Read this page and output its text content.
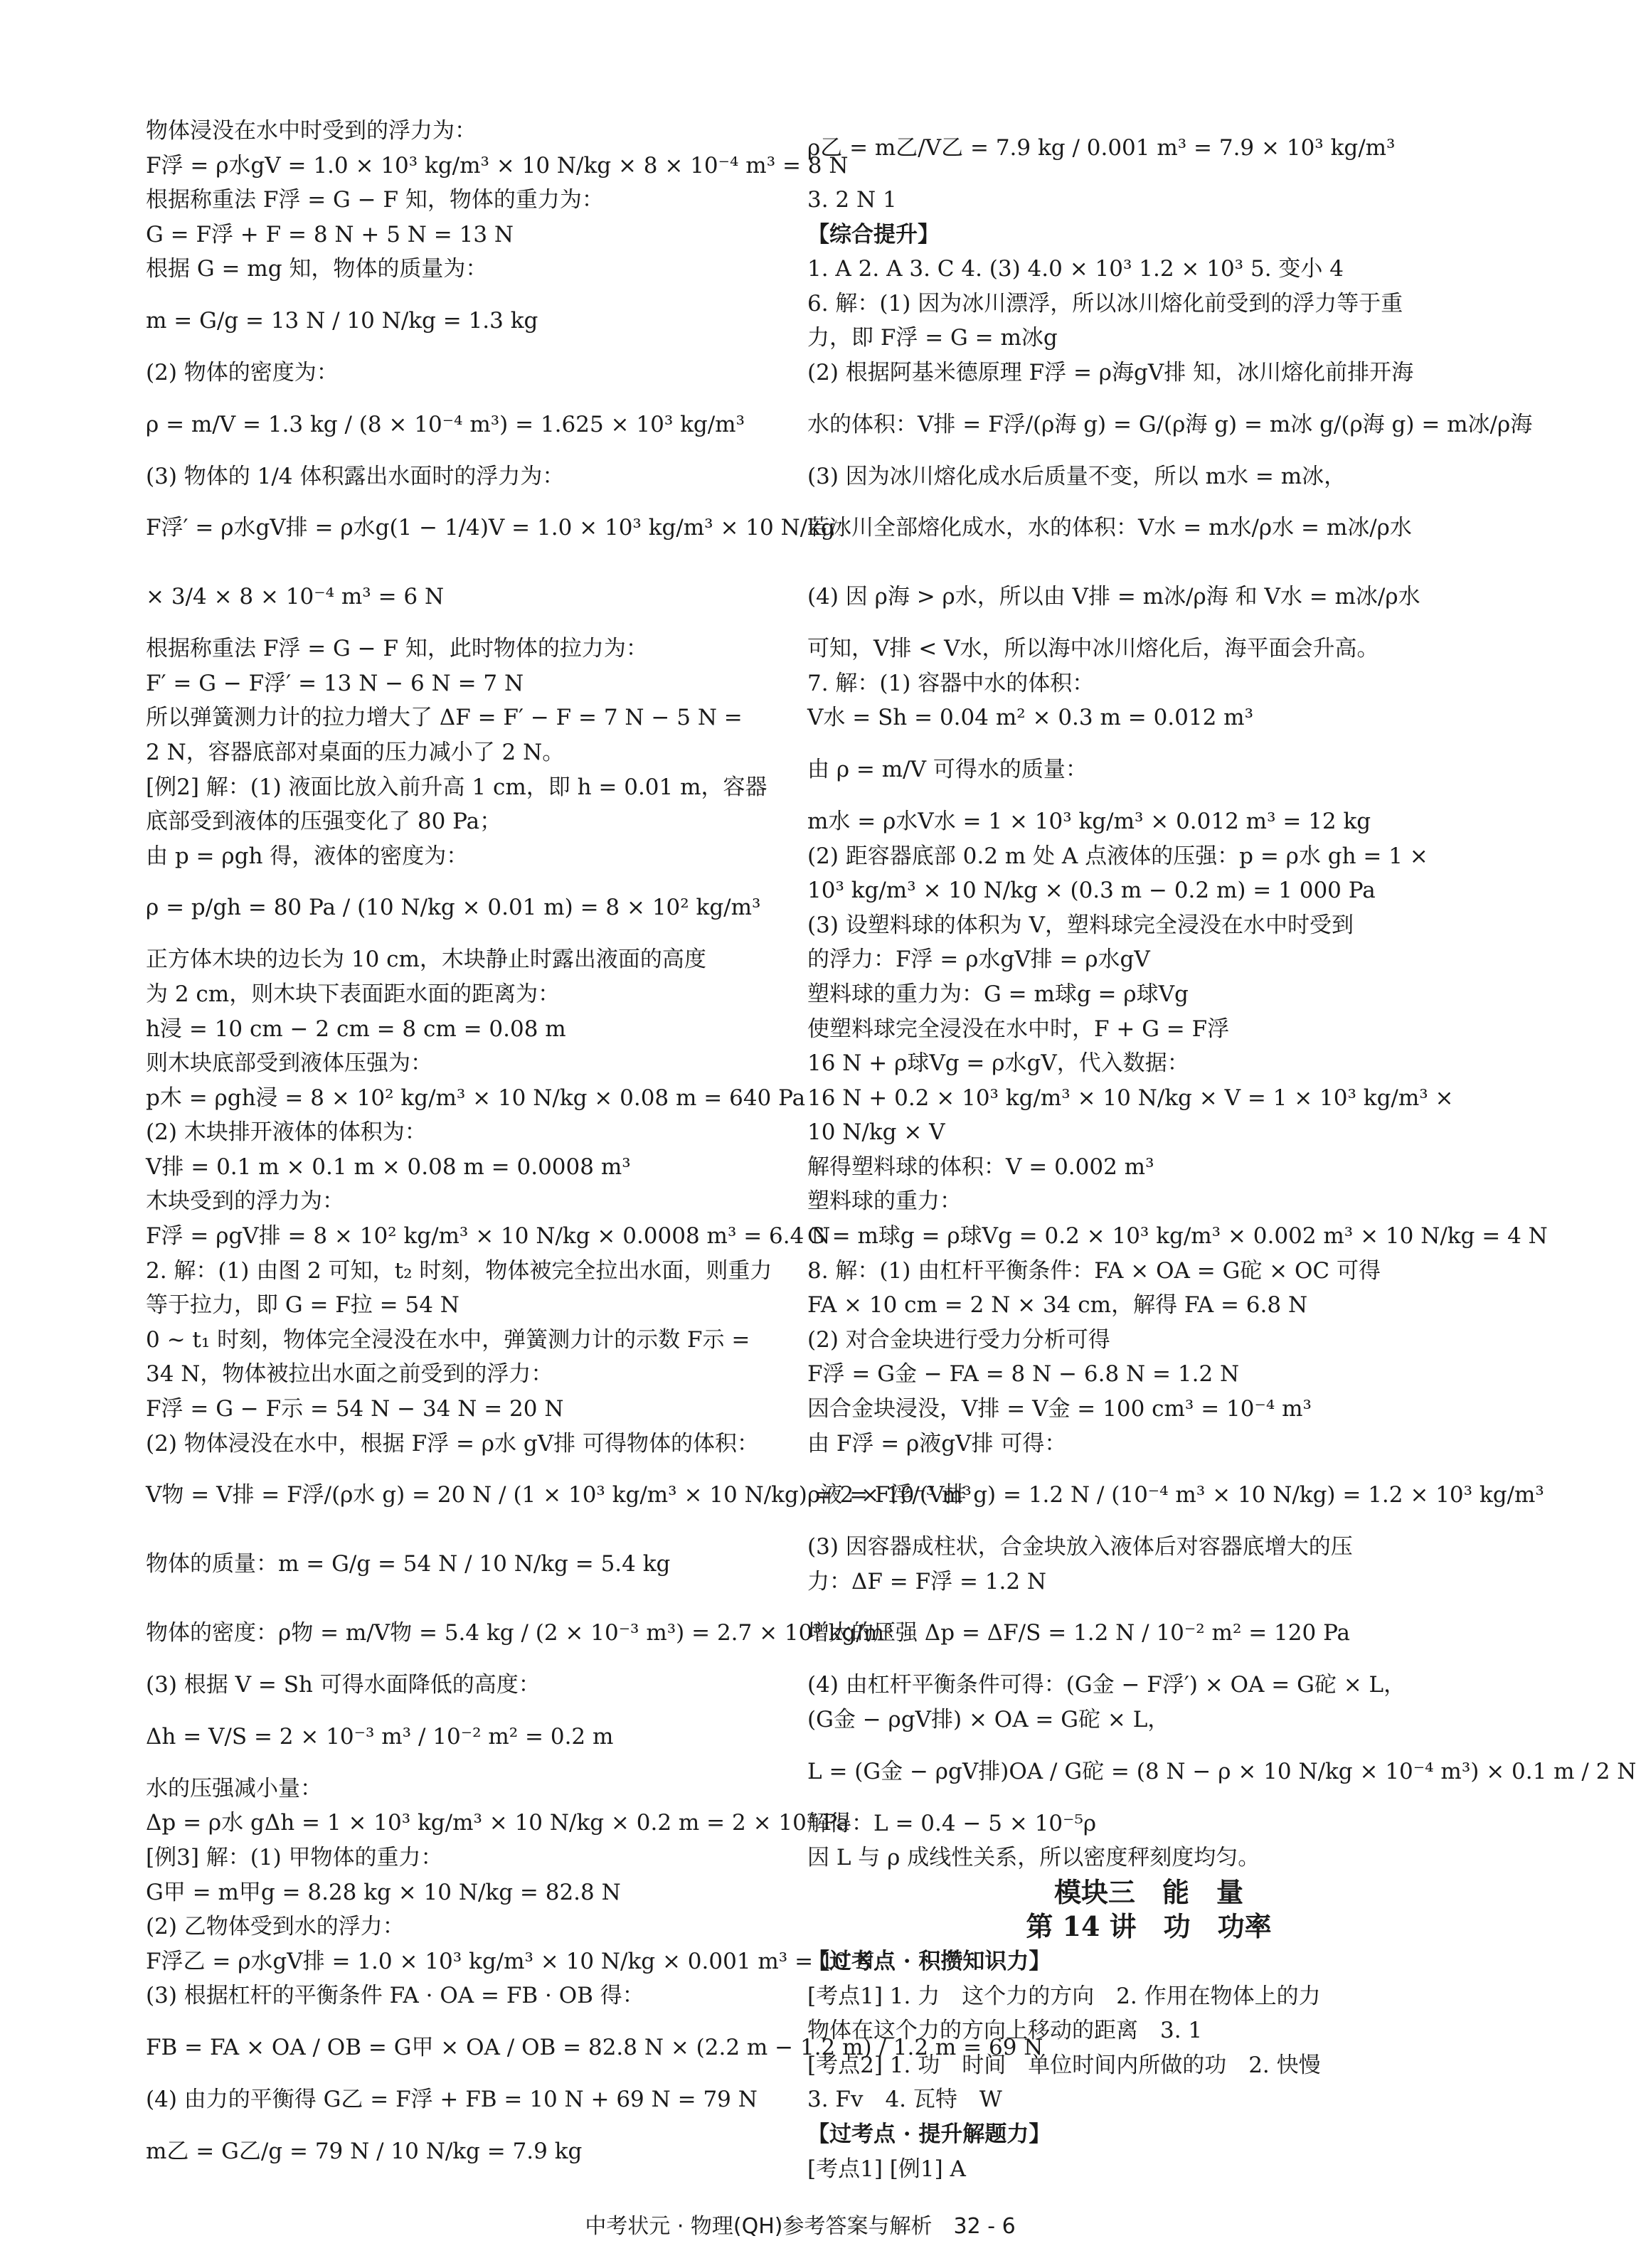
物体浸没在水中时受到的浮力为：
F浮 = ρ水gV = 1.0 × 10³ kg/m³ × 10 N/kg × 8 × 10⁻⁴ m³ = 8 N
根据称重法 F浮 = G − F 知，物体的重力为：
G = F浮 + F = 8 N + 5 N = 13 N
根据 G = mg 知，物体的质量为：
m = G/g = 13 N / 10 N/kg = 1.3 kg
(2) 物体的密度为：
ρ = m/V = 1.3 kg / (8 × 10⁻⁴ m³) = 1.625 × 10³ kg/m³
(3) 物体的 1/4 体积露出水面时的浮力为：
F浮′ = ρ水gV排 = ρ水g(1 − 1/4)V = 1.0 × 10³ kg/m³ × 10 N/kg
× 3/4 × 8 × 10⁻⁴ m³ = 6 N
根据称重法 F浮 = G − F 知，此时物体的拉力为：
F′ = G − F浮′ = 13 N − 6 N = 7 N
所以弹簧测力计的拉力增大了 ΔF = F′ − F = 7 N − 5 N =
2 N，容器底部对桌面的压力减小了 2 N。
[例2] 解：(1) 液面比放入前升高 1 cm，即 h = 0.01 m，容器
底部受到液体的压强变化了 80 Pa；
由 p = ρgh 得，液体的密度为：
ρ = p/gh = 80 Pa / (10 N/kg × 0.01 m) = 8 × 10² kg/m³
正方体木块的边长为 10 cm，木块静止时露出液面的高度
为 2 cm，则木块下表面距水面的距离为：
h浸 = 10 cm − 2 cm = 8 cm = 0.08 m
则木块底部受到液体压强为：
p木 = ρgh浸 = 8 × 10² kg/m³ × 10 N/kg × 0.08 m = 640 Pa
(2) 木块排开液体的体积为：
V排 = 0.1 m × 0.1 m × 0.08 m = 0.0008 m³
木块受到的浮力为：
F浮 = ρgV排 = 8 × 10² kg/m³ × 10 N/kg × 0.0008 m³ = 6.4 N
2. 解：(1) 由图 2 可知，t₂ 时刻，物体被完全拉出水面，则重力
等于拉力，即 G = F拉 = 54 N
0 ~ t₁ 时刻，物体完全浸没在水中，弹簧测力计的示数 F示 =
34 N，物体被拉出水面之前受到的浮力：
F浮 = G − F示 = 54 N − 34 N = 20 N
(2) 物体浸没在水中，根据 F浮 = ρ水 gV排 可得物体的体积：
V物 = V排 = F浮/(ρ水 g) = 20 N / (1 × 10³ kg/m³ × 10 N/kg) = 2 × 10⁻³ m³
物体的质量：m = G/g = 54 N / 10 N/kg = 5.4 kg
物体的密度：ρ物 = m/V物 = 5.4 kg / (2 × 10⁻³ m³) = 2.7 × 10³ kg/m³
(3) 根据 V = Sh 可得水面降低的高度：
Δh = V/S = 2 × 10⁻³ m³ / 10⁻² m² = 0.2 m
水的压强减小量：
Δp = ρ水 gΔh = 1 × 10³ kg/m³ × 10 N/kg × 0.2 m = 2 × 10³ Pa
[例3] 解：(1) 甲物体的重力：
G甲 = m甲g = 8.28 kg × 10 N/kg = 82.8 N
(2) 乙物体受到水的浮力：
F浮乙 = ρ水gV排 = 1.0 × 10³ kg/m³ × 10 N/kg × 0.001 m³ = 10 N
(3) 根据杠杆的平衡条件 FA · OA = FB · OB 得：
FB = FA × OA / OB = G甲 × OA / OB = 82.8 N × (2.2 m − 1.2 m) / 1.2 m = 69 N
(4) 由力的平衡得 G乙 = F浮 + FB = 10 N + 69 N = 79 N
m乙 = G乙/g = 79 N / 10 N/kg = 7.9 kg
ρ乙 = m乙/V乙 = 7.9 kg / 0.001 m³ = 7.9 × 10³ kg/m³
3. 2 N 1
【综合提升】
1. A 2. A 3. C 4. (3) 4.0 × 10³ 1.2 × 10³ 5. 变小 4
6. 解：(1) 因为冰川漂浮，所以冰川熔化前受到的浮力等于重
力，即 F浮 = G = m冰g
(2) 根据阿基米德原理 F浮 = ρ海gV排 知，冰川熔化前排开海
水的体积：V排 = F浮/(ρ海 g) = G/(ρ海 g) = m冰 g/(ρ海 g) = m冰/ρ海
(3) 因为冰川熔化成水后质量不变，所以 m水 = m冰，
若冰川全部熔化成水，水的体积：V水 = m水/ρ水 = m冰/ρ水
(4) 因 ρ海 > ρ水，所以由 V排 = m冰/ρ海 和 V水 = m冰/ρ水
可知，V排 < V水，所以海中冰川熔化后，海平面会升高。
7. 解：(1) 容器中水的体积：
V水 = Sh = 0.04 m² × 0.3 m = 0.012 m³
由 ρ = m/V 可得水的质量：
m水 = ρ水V水 = 1 × 10³ kg/m³ × 0.012 m³ = 12 kg
(2) 距容器底部 0.2 m 处 A 点液体的压强：p = ρ水 gh = 1 ×
10³ kg/m³ × 10 N/kg × (0.3 m − 0.2 m) = 1 000 Pa
(3) 设塑料球的体积为 V，塑料球完全浸没在水中时受到
的浮力：F浮 = ρ水gV排 = ρ水gV
塑料球的重力为：G = m球g = ρ球Vg
使塑料球完全浸没在水中时，F + G = F浮
16 N + ρ球Vg = ρ水gV，代入数据：
16 N + 0.2 × 10³ kg/m³ × 10 N/kg × V = 1 × 10³ kg/m³ ×
10 N/kg × V
解得塑料球的体积：V = 0.002 m³
塑料球的重力：
G = m球g = ρ球Vg = 0.2 × 10³ kg/m³ × 0.002 m³ × 10 N/kg = 4 N
8. 解：(1) 由杠杆平衡条件：FA × OA = G砣 × OC 可得
FA × 10 cm = 2 N × 34 cm，解得 FA = 6.8 N
(2) 对合金块进行受力分析可得
F浮 = G金 − FA = 8 N − 6.8 N = 1.2 N
因合金块浸没，V排 = V金 = 100 cm³ = 10⁻⁴ m³
由 F浮 = ρ液gV排 可得：
ρ液 = F浮/(V排 g) = 1.2 N / (10⁻⁴ m³ × 10 N/kg) = 1.2 × 10³ kg/m³
(3) 因容器成柱状，合金块放入液体后对容器底增大的压
力：ΔF = F浮 = 1.2 N
增大的压强 Δp = ΔF/S = 1.2 N / 10⁻² m² = 120 Pa
(4) 由杠杆平衡条件可得：(G金 − F浮′) × OA = G砣 × L，
(G金 − ρgV排) × OA = G砣 × L，
L = (G金 − ρgV排)OA / G砣 = (8 N − ρ × 10 N/kg × 10⁻⁴ m³) × 0.1 m / 2 N
解得：L = 0.4 − 5 × 10⁻⁵ρ
因 L 与 ρ 成线性关系，所以密度秤刻度均匀。
模块三　能　量
第 14 讲　功　功率
【过考点 · 积攒知识力】
[考点1] 1. 力　这个力的方向　2. 作用在物体上的力
物体在这个力的方向上移动的距离　3. 1
[考点2] 1. 功　时间　单位时间内所做的功　2. 快慢
3. Fv　4. 瓦特　W
【过考点 · 提升解题力】
[考点1] [例1] A
中考状元 · 物理(QH)参考答案与解析　32 - 6
